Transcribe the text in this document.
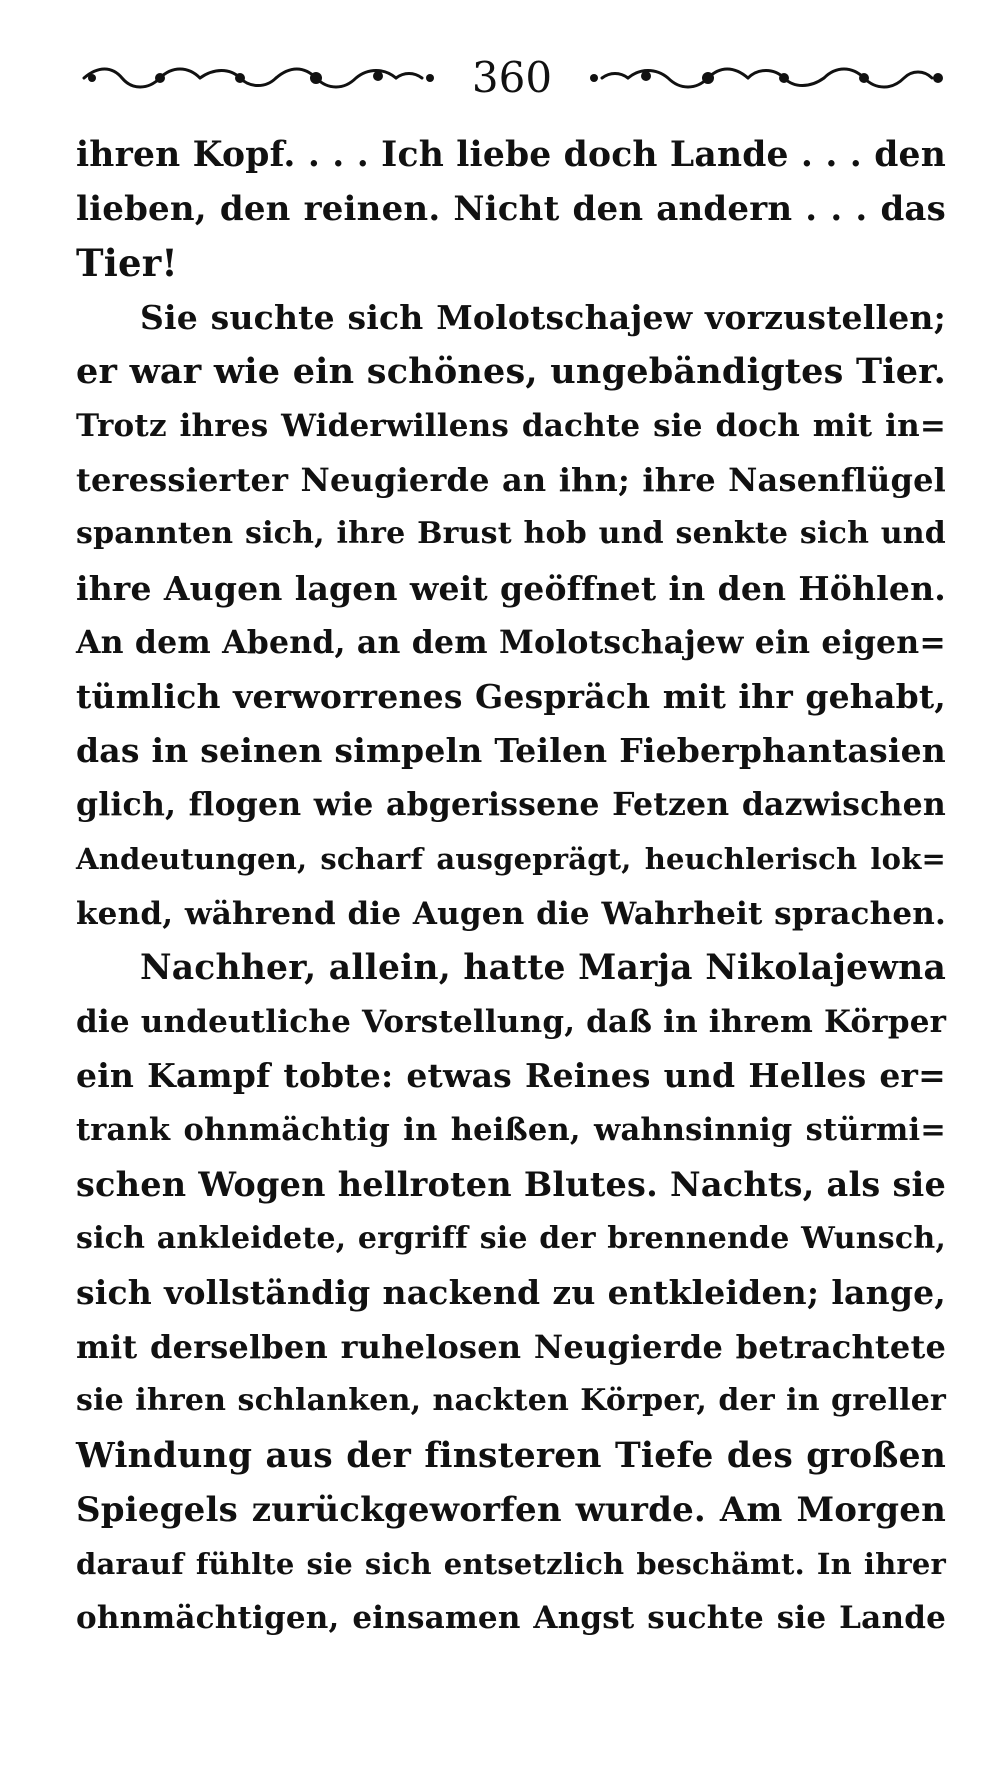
360
ihren Kopf. . . . Ich liebe doch Lande . . . den
lieben, den reinen. Nicht den andern . . . das
Tier!
Sie suchte sich Molotschajew vorzustellen;
er war wie ein schönes, ungebändigtes Tier.
Trotz ihres Widerwillens dachte sie doch mit in=
teressierter Neugierde an ihn; ihre Nasenflügel
spannten sich, ihre Brust hob und senkte sich und
ihre Augen lagen weit geöffnet in den Höhlen.
An dem Abend, an dem Molotschajew ein eigen=
tümlich verworrenes Gespräch mit ihr gehabt,
das in seinen simpeln Teilen Fieberphantasien
glich, flogen wie abgerissene Fetzen dazwischen
Andeutungen, scharf ausgeprägt, heuchlerisch lok=
kend, während die Augen die Wahrheit sprachen.
Nachher, allein, hatte Marja Nikolajewna
die undeutliche Vorstellung, daß in ihrem Körper
ein Kampf tobte: etwas Reines und Helles er=
trank ohnmächtig in heißen, wahnsinnig stürmi=
schen Wogen hellroten Blutes. Nachts, als sie
sich ankleidete, ergriff sie der brennende Wunsch,
sich vollständig nackend zu entkleiden; lange,
mit derselben ruhelosen Neugierde betrachtete
sie ihren schlanken, nackten Körper, der in greller
Windung aus der finsteren Tiefe des großen
Spiegels zurückgeworfen wurde. Am Morgen
darauf fühlte sie sich entsetzlich beschämt. In ihrer
ohnmächtigen, einsamen Angst suchte sie Lande
